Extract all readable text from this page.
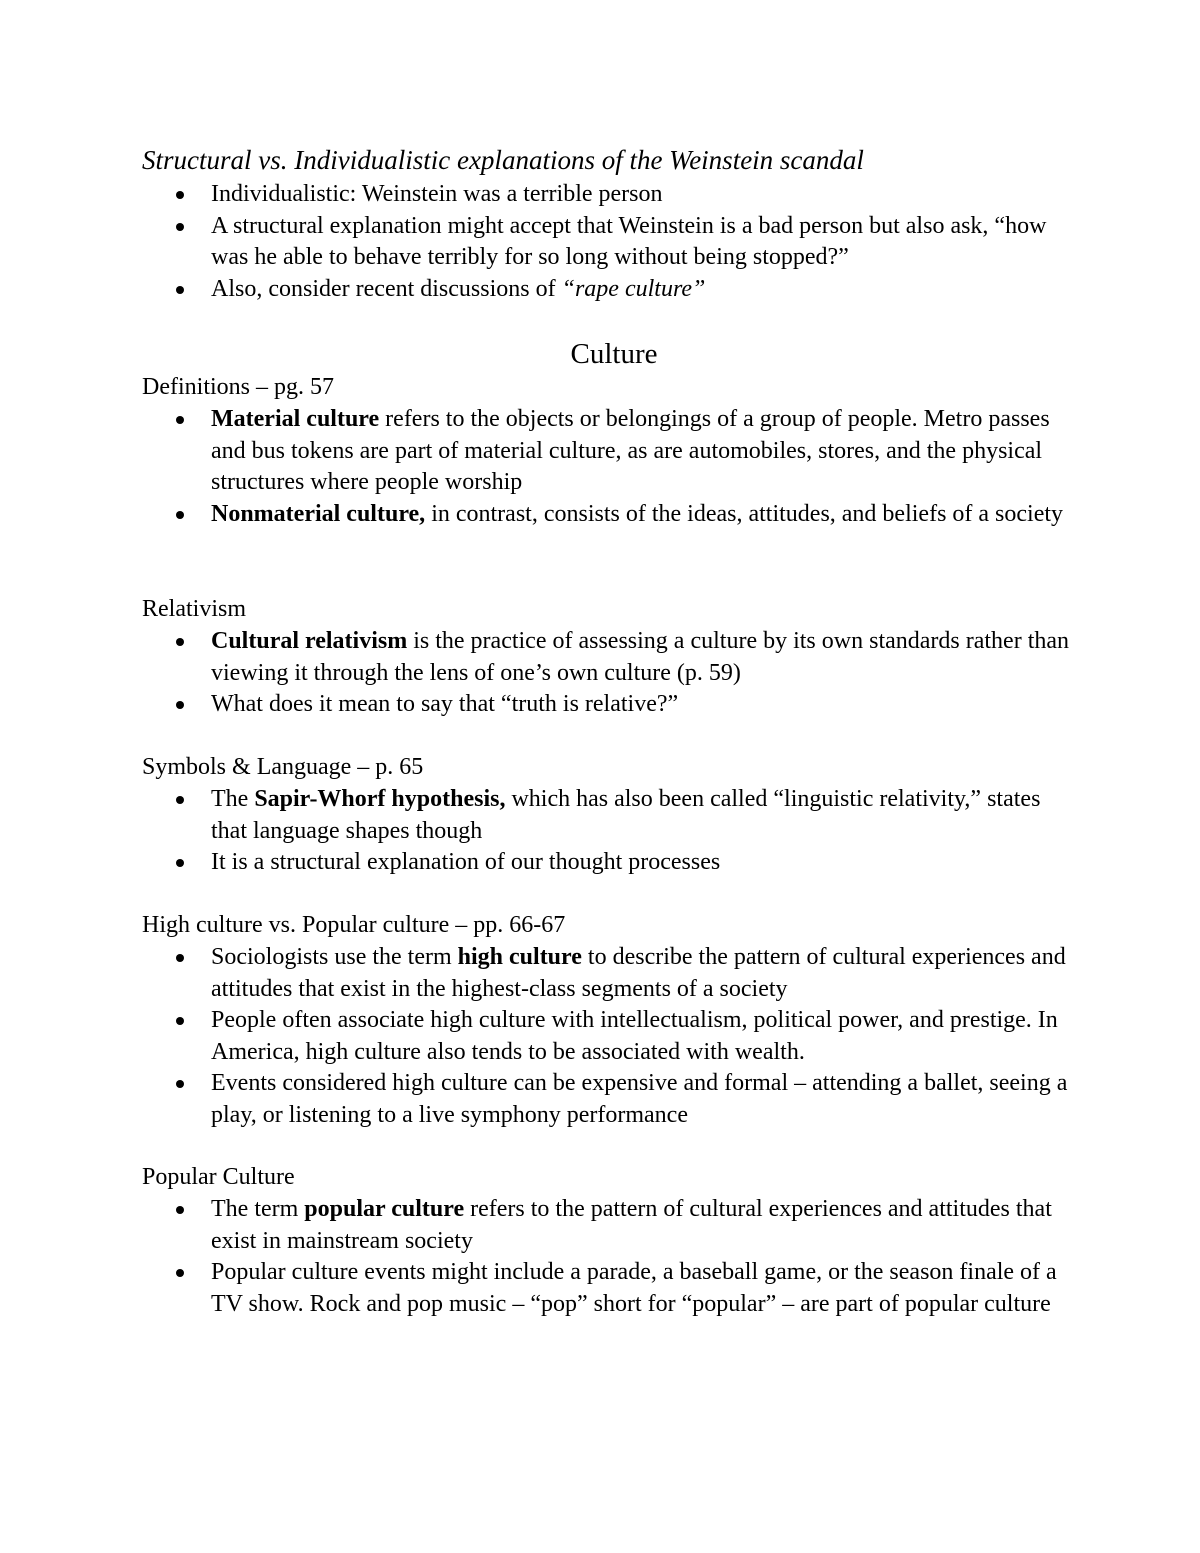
Structural vs. Individualistic explanations of the Weinstein scandal
Individualistic: Weinstein was a terrible person
A structural explanation might accept that Weinstein is a bad person but also ask, “how was he able to behave terribly for so long without being stopped?”
Also, consider recent discussions of “rape culture”
Culture
Definitions – pg. 57
Material culture refers to the objects or belongings of a group of people. Metro passes and bus tokens are part of material culture, as are automobiles, stores, and the physical structures where people worship
Nonmaterial culture, in contrast, consists of the ideas, attitudes, and beliefs of a society
Relativism
Cultural relativism is the practice of assessing a culture by its own standards rather than viewing it through the lens of one’s own culture (p. 59)
What does it mean to say that “truth is relative?”
Symbols & Language – p. 65
The Sapir-Whorf hypothesis, which has also been called “linguistic relativity,” states that language shapes though
It is a structural explanation of our thought processes
High culture vs. Popular culture – pp. 66-67
Sociologists use the term high culture to describe the pattern of cultural experiences and attitudes that exist in the highest-class segments of a society
People often associate high culture with intellectualism, political power, and prestige. In America, high culture also tends to be associated with wealth.
Events considered high culture can be expensive and formal – attending a ballet, seeing a play, or listening to a live symphony performance
Popular Culture
The term popular culture refers to the pattern of cultural experiences and attitudes that exist in mainstream society
Popular culture events might include a parade, a baseball game, or the season finale of a TV show. Rock and pop music – “pop” short for “popular” – are part of popular culture
